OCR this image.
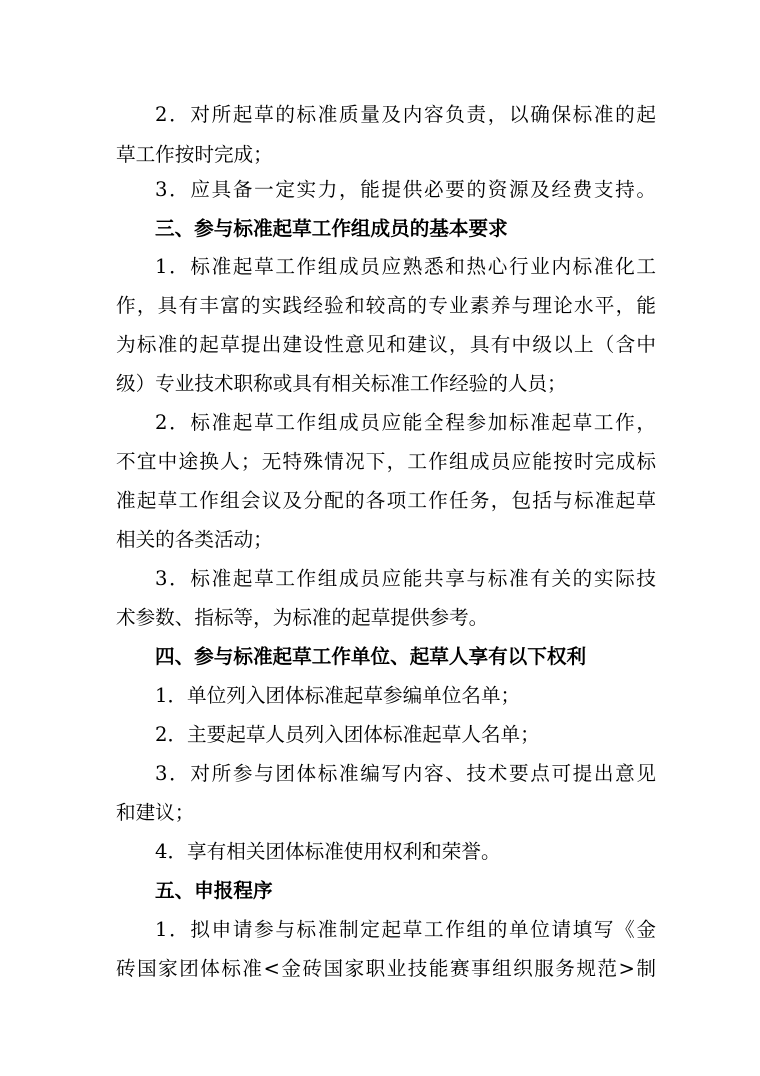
2．对所起草的标准质量及内容负责，以确保标准的起
草工作按时完成；
3．应具备一定实力，能提供必要的资源及经费支持。
三、参与标准起草工作组成员的基本要求
1．标准起草工作组成员应熟悉和热心行业内标准化工
作，具有丰富的实践经验和较高的专业素养与理论水平，能
为标准的起草提出建设性意见和建议，具有中级以上（含中
级）专业技术职称或具有相关标准工作经验的人员；
2．标准起草工作组成员应能全程参加标准起草工作，
不宜中途换人；无特殊情况下，工作组成员应能按时完成标
准起草工作组会议及分配的各项工作任务，包括与标准起草
相关的各类活动；
3．标准起草工作组成员应能共享与标准有关的实际技
术参数、指标等，为标准的起草提供参考。
四、参与标准起草工作单位、起草人享有以下权利
1．单位列入团体标准起草参编单位名单；
2．主要起草人员列入团体标准起草人名单；
3．对所参与团体标准编写内容、技术要点可提出意见
和建议；
4．享有相关团体标准使用权利和荣誉。
五、申报程序
1．拟申请参与标准制定起草工作组的单位请填写《金
砖国家团体标准<金砖国家职业技能赛事组织服务规范>制
